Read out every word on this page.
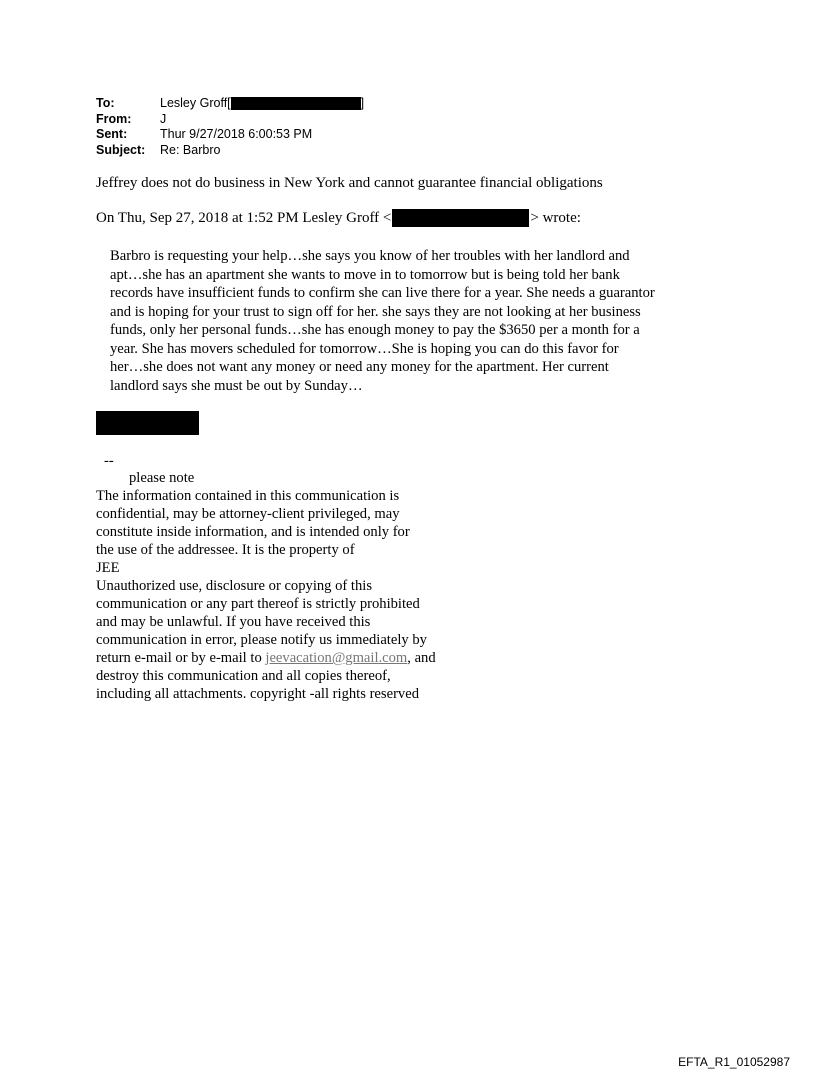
To:	Lesley Groff[	]
From:	J
Sent:	Thur 9/27/2018 6:00:53 PM
Subject:	Re: Barbro
Jeffrey does not do business in New York and cannot guarantee financial obligations
On Thu, Sep 27, 2018 at 1:52 PM Lesley Groff <	> wrote:
Barbro is requesting your help…she says you know of her troubles with her landlord and
apt…she has an apartment she wants to move in to tomorrow but is being told her bank
records have insufficient funds to confirm she can live there for a year. She needs a guarantor
and is hoping for your trust to sign off for her. she says they are not looking at her business
funds, only her personal funds…she has enough money to pay the $3650 per a month for a
year. She has movers scheduled for tomorrow…She is hoping you can do this favor for
her…she does not want any money or need any money for the apartment. Her current
landlord says she must be out by Sunday…
--
please note
The information contained in this communication is
confidential, may be attorney-client privileged, may
constitute inside information, and is intended only for
the use of the addressee. It is the property of
JEE
Unauthorized use, disclosure or copying of this
communication or any part thereof is strictly prohibited
and may be unlawful. If you have received this
communication in error, please notify us immediately by
return e-mail or by e-mail to jeevacation@gmail.com, and
destroy this communication and all copies thereof,
including all attachments. copyright -all rights reserved
EFTA_R1_01052987
